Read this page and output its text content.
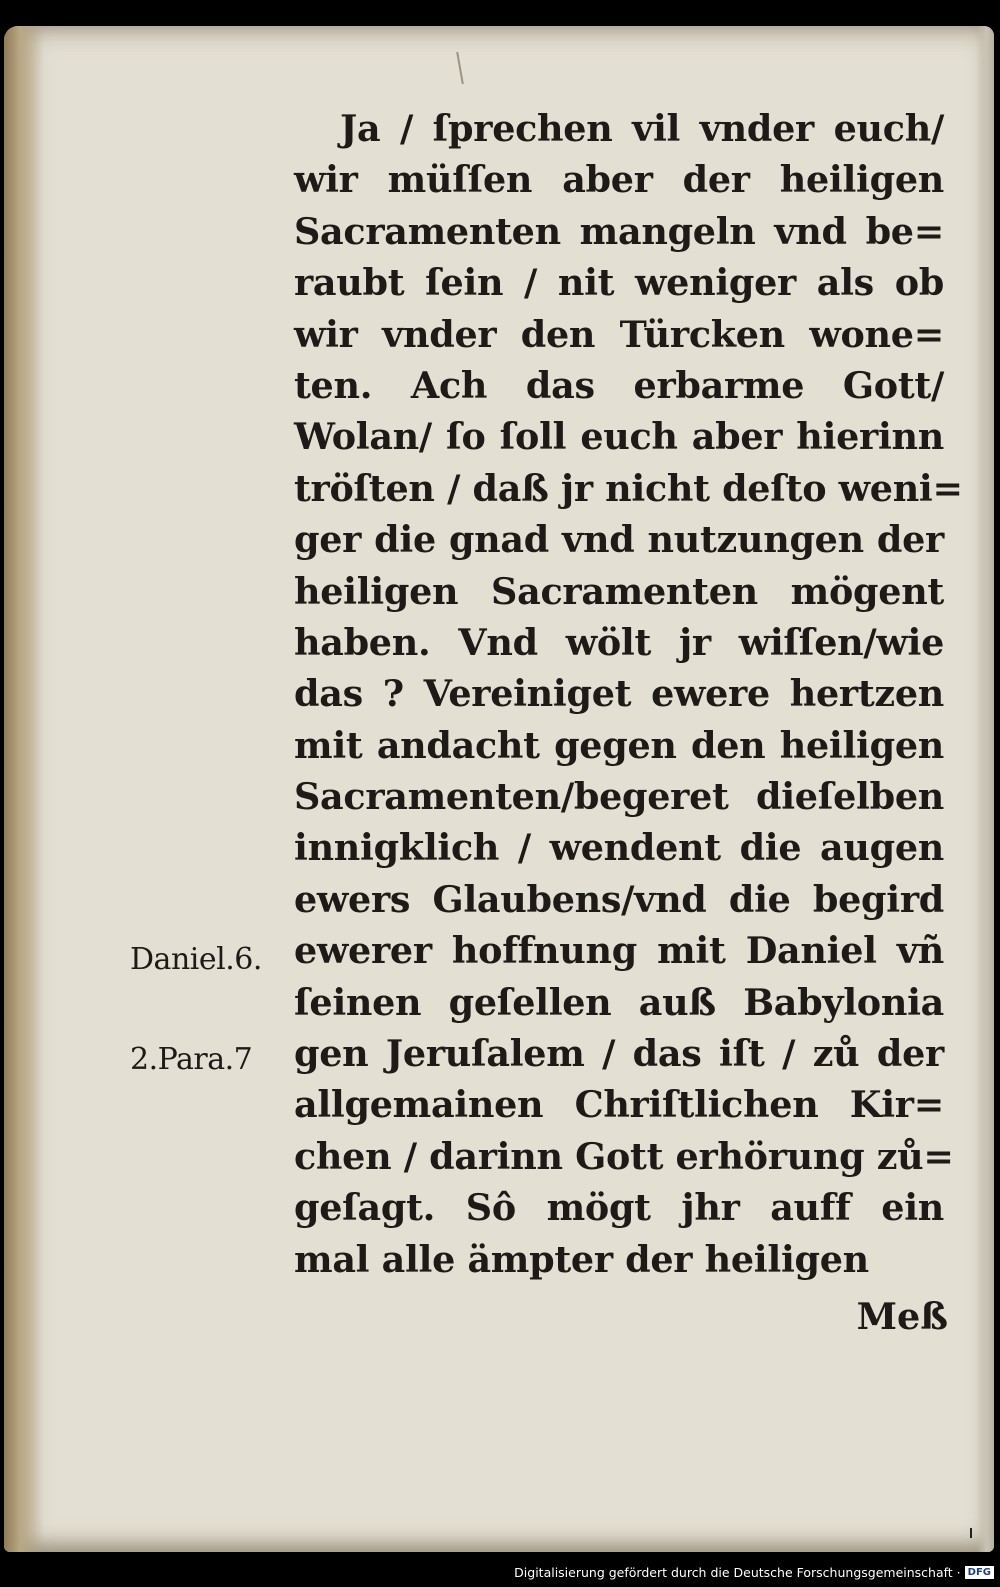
Ja / ſprechen vil vnder euch/
wir müſſen aber der heiligen
Sacramenten mangeln vnd be=
raubt ſein / nit weniger als ob
wir vnder den Türcken wone=
ten. Ach das erbarme Gott/
Wolan/ ſo ſoll euch aber hierinn
tröſten / daß jr nicht deſto weni=
ger die gnad vnd nutzungen der
heiligen Sacramenten mögent
haben. Vnd wölt jr wiſſen/wie
das ? Vereiniget ewere hertzen
mit andacht gegen den heiligen
Sacramenten/begeret dieſelben
innigklich / wendent die augen
ewers Glaubens/vnd die begird
ewerer hoffnung mit Daniel vñ
ſeinen geſellen auß Babylonia
gen Jeruſalem / das iſt / zů der
allgemainen Chriſtlichen Kir=
chen / darinn Gott erhörung zů=
geſagt. Sô mögt jhr auff ein
mal alle ämpter der heiligen
Meß
Daniel.6.
2.Para.7
Digitalisierung gefördert durch die Deutsche Forschungsgemeinschaft · DFG
